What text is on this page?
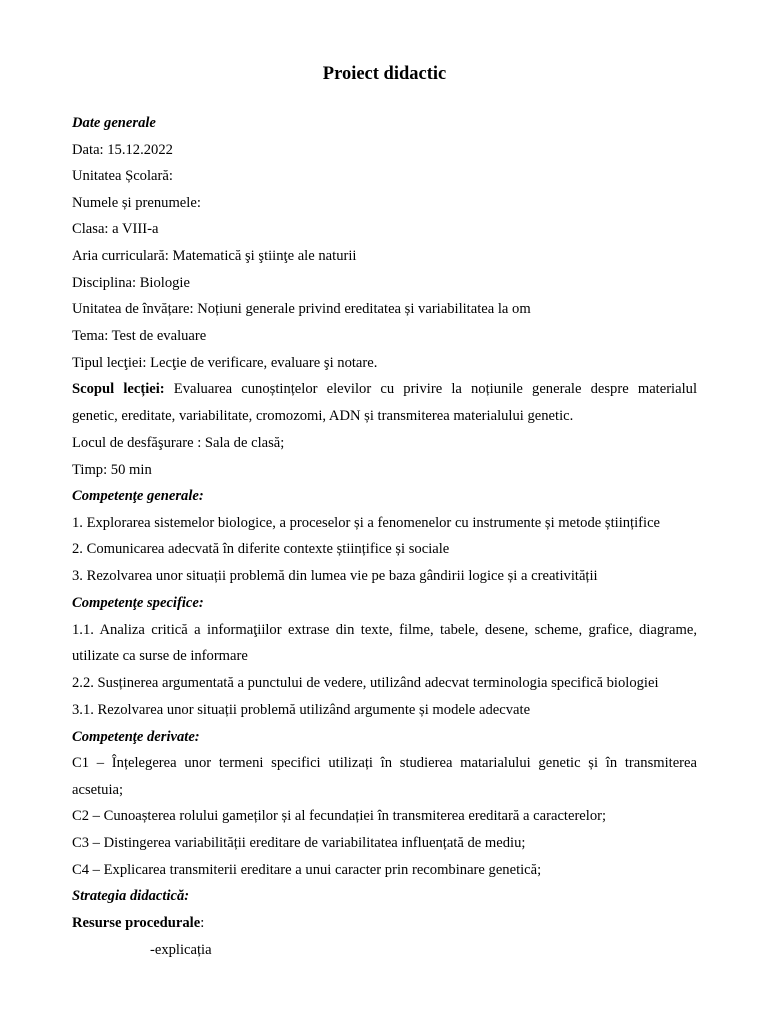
Proiect didactic
Date generale
Data: 15.12.2022
Unitatea Școlară:
Numele și prenumele:
Clasa: a VIII-a
Aria curriculară: Matematică şi ştiinţe ale naturii
Disciplina: Biologie
Unitatea de învățare: Noțiuni generale privind ereditatea și variabilitatea la om
Tema: Test de evaluare
Tipul lecţiei: Lecţie de verificare, evaluare şi notare.
Scopul lecției: Evaluarea cunoștințelor elevilor cu privire la noțiunile generale despre materialul
genetic, ereditate, variabilitate, cromozomi, ADN și transmiterea materialului genetic.
Locul de desfăşurare : Sala de clasă;
Timp: 50 min
Competenţe generale:
1. Explorarea sistemelor biologice, a proceselor și a fenomenelor cu instrumente și metode științifice
2. Comunicarea adecvată în diferite contexte științifice și sociale
3. Rezolvarea unor situații problemă din lumea vie pe baza gândirii logice și a creativității
Competenţe specifice:
1.1. Analiza critică a informaţiilor extrase din texte, filme, tabele, desene, scheme, grafice, diagrame,
utilizate ca surse de informare
2.2. Susținerea argumentată a punctului de vedere, utilizând adecvat terminologia specifică biologiei
3.1. Rezolvarea unor situații problemă utilizând argumente și modele adecvate
Competenţe derivate:
C1 – Înțelegerea unor termeni specifici utilizați în studierea matarialului genetic și în transmiterea
acsetuia;
C2 – Cunoașterea rolului gameților și al fecundației în transmiterea ereditară a caracterelor;
C3 – Distingerea variabilității ereditare de variabilitatea influențată de mediu;
C4 – Explicarea transmiterii ereditare a unui caracter prin recombinare genetică;
Strategia didactică:
Resurse procedurale:
-explicația
